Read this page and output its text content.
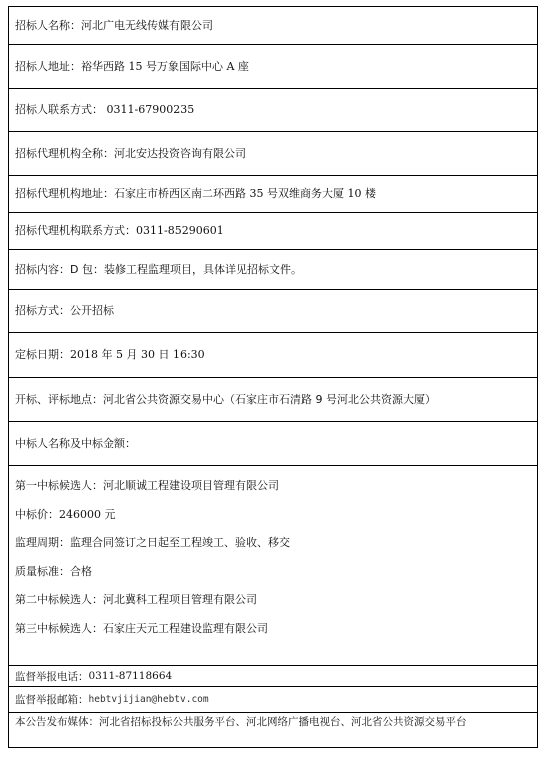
招标人名称： 河北广电无线传媒有限公司
招标人地址： 裕华西路 15 号万象国际中心 A 座
招标人联系方式： 0311-67900235
招标代理机构全称： 河北安达投资咨询有限公司
招标代理机构地址： 石家庄市桥西区南二环西路 35 号双维商务大厦 10 楼
招标代理机构联系方式： 0311-85290601
招标内容： D 包：装修工程监理项目，具体详见招标文件。
招标方式： 公开招标
定标日期： 2018 年 5 月 30 日 16:30
开标、评标地点： 河北省公共资源交易中心（石家庄市石清路 9 号河北公共资源大厦）
中标人名称及中标金额：
第一中标候选人：河北顺诚工程建设项目管理有限公司
中标价：246000 元
监理周期：监理合同签订之日起至工程竣工、验收、移交
质量标准：合格
第二中标候选人：河北冀科工程项目管理有限公司
第三中标候选人：石家庄天元工程建设监理有限公司
监督举报电话： 0311-87118664
监督举报邮箱： hebtvjijian@hebtv.com
本公告发布媒体：河北省招标投标公共服务平台、河北网络广播电视台、河北省公共资源交易平台
